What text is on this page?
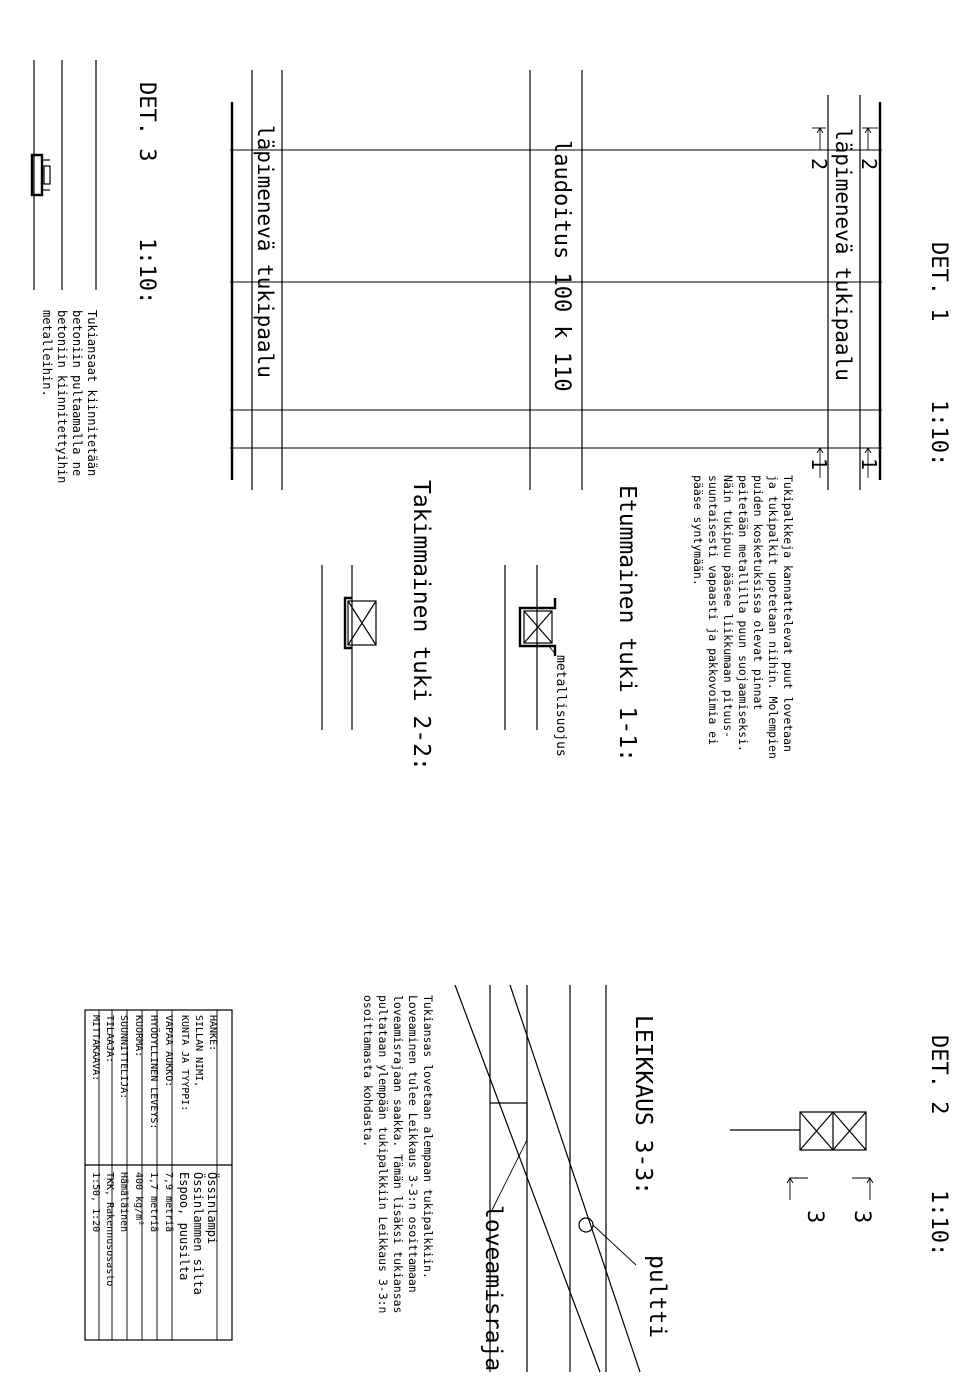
DET. 1
1:10:
läpimenevä tukipaalu
laudoitus 100 k 110
läpimenevä tukipaalu	2
2
1
1
Tukipalkkeja kannattelevat puut lovetaan
ja tukipalkit upotetaan niihin. Molempien
puiden kosketuksissa olevat pinnat
peitetään metallilla puun suojaamiseksi.
Näin tukipuu pääsee liikkumaan pituus-
suuntaisesti vapaasti ja pakkovoimia ei
pääse syntymään.
Etummainen tuki 1-1:
metallisuojus
Takimmainen tuki 2-2:
DET. 3
1:10:
Tukiansaat kiinnitetään
betoniin pultaamalla ne
betoniin kiinnitettyihin
metalleihin.
DET. 2
1:10:
3 3
LEIKKAUS 3-3:
pultti
loveamisraja
Tukiansas lovetaan alempaan tukipalkkiin.
Loveaminen tulee Leikkaus 3-3:n osoittamaan
loveamisrajaan saakka. Tämän lisäksi tukiansas
pultataan ylempään tukipalkkiin Leikkaus 3-3:n
osoittamasta kohdasta.
HANKE:
Össinlampi
SILLAN NIMI,
Össinlammen silta
KUNTA JA TYYPPI:
Espoo, puusilta
VAPAA AUKKO:
7,9 metriä
HYÖDYLLINEN LEVEYS:
1,7 metriä
KUORMA:
400 kg/m²
SUUNNITTELIJA:
Hämäläinen
TILAAJA:
TKK, Rakennusosasto
MITTAKAAVA:
1:50, 1:20
